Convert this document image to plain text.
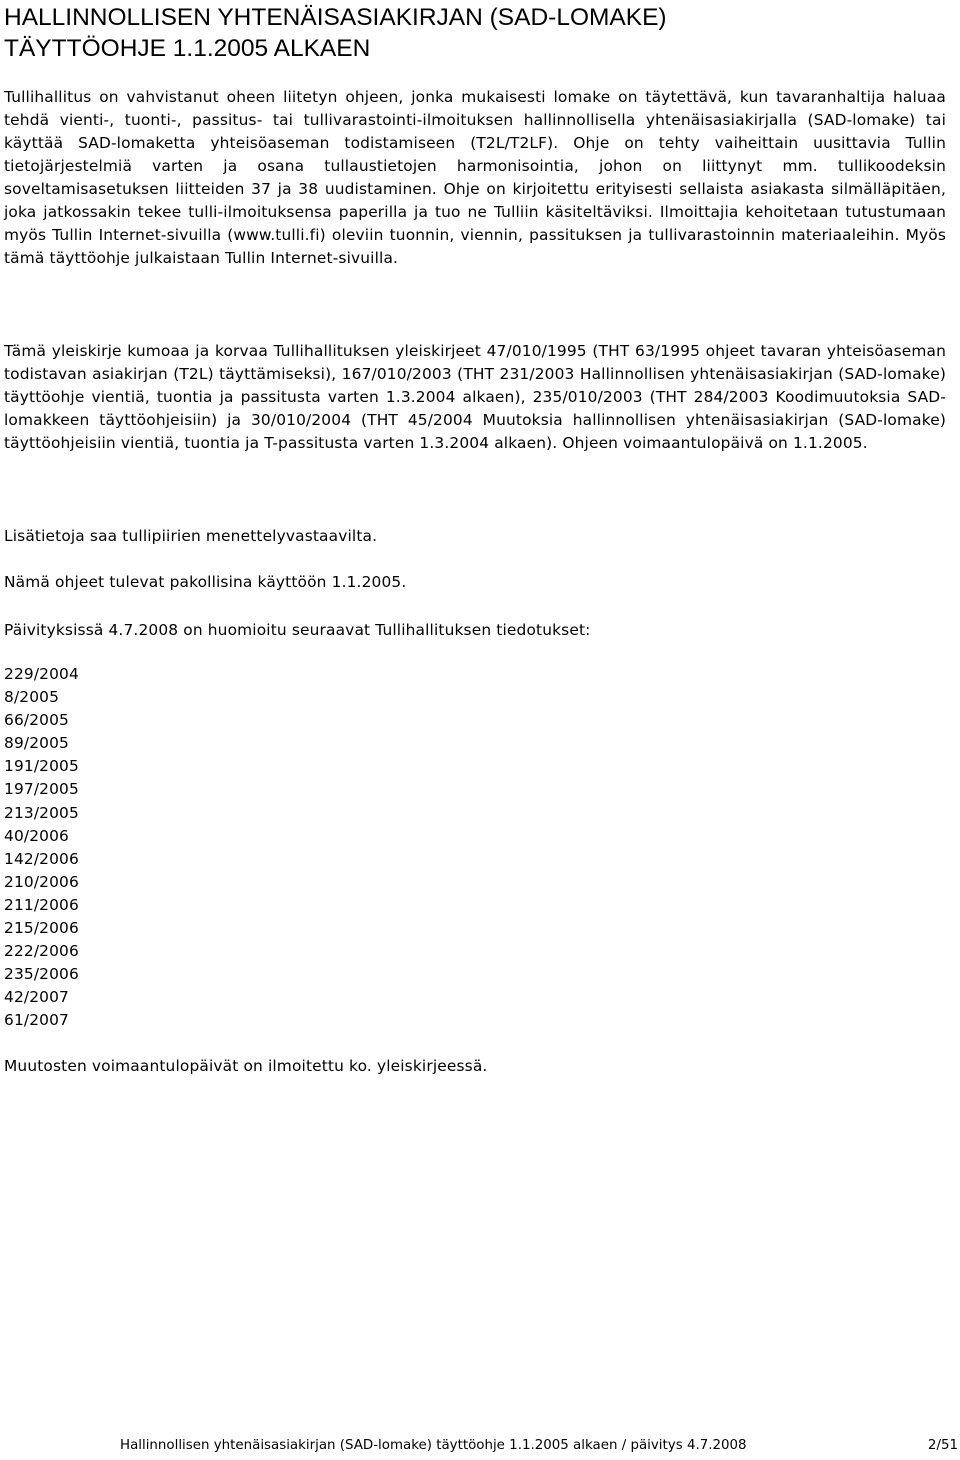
HALLINNOLLISEN YHTENÄISASIAKIRJAN (SAD-LOMAKE)
TÄYTTÖOHJE 1.1.2005 ALKAEN

Tullihallitus on vahvistanut oheen liitetyn ohjeen, jonka mukaisesti lomake on täytettävä, kun tavaranhaltija haluaa tehdä vienti-, tuonti-, passitus- tai tullivarastointi-ilmoituksen hallinnollisella yhtenäisasiakirjalla (SAD-lomake) tai käyttää SAD-lomaketta yhteisöaseman todistamiseen (T2L/T2LF). Ohje on tehty vaiheittain uusittavia Tullin tietojärjestelmiä varten ja osana tullaustietojen harmonisointia, johon on liittynyt mm. tullikoodeksin soveltamisasetuksen liitteiden 37 ja 38 uudistaminen. Ohje on kirjoitettu erityisesti sellaista asiakasta silmälläpitäen, joka jatkossakin tekee tulli-ilmoituksensa paperilla ja tuo ne Tulliin käsiteltäviksi. Ilmoittajia kehoitetaan tutustumaan myös Tullin Internet-sivuilla (www.tulli.fi) oleviin tuonnin, viennin, passituksen ja tullivarastoinnin materiaaleihin. Myös tämä täyttöohje julkaistaan Tullin Internet-sivuilla.

Tämä yleiskirje kumoaa ja korvaa Tullihallituksen yleiskirjeet 47/010/1995 (THT 63/1995 ohjeet tavaran yhteisöaseman todistavan asiakirjan (T2L) täyttämiseksi), 167/010/2003 (THT 231/2003 Hallinnollisen yhtenäisasiakirjan (SAD-lomake) täyttöohje vientiä, tuontia ja passitusta varten 1.3.2004 alkaen), 235/010/2003 (THT 284/2003 Koodimuutoksia SAD-lomakkeen täyttöohjeisiin) ja 30/010/2004 (THT 45/2004 Muutoksia hallinnollisen yhtenäisasiakirjan (SAD-lomake) täyttöohjeisiin vientiä, tuontia ja T-passitusta varten 1.3.2004 alkaen). Ohjeen voimaantulopäivä on 1.1.2005.

Lisätietoja saa tullipiirien menettelyvastaavilta.

Nämä ohjeet tulevat pakollisina käyttöön 1.1.2005.

Päivityksissä 4.7.2008 on huomioitu seuraavat Tullihallituksen tiedotukset:

229/2004
8/2005
66/2005
89/2005
191/2005
197/2005
213/2005
40/2006
142/2006
210/2006
211/2006
215/2006
222/2006
235/2006
42/2007
61/2007

Muutosten voimaantulopäivät on ilmoitettu ko. yleiskirjeessä.

Hallinnollisen yhtenäisasiakirjan (SAD-lomake) täyttöohje 1.1.2005 alkaen / päivitys 4.7.2008	2/51
